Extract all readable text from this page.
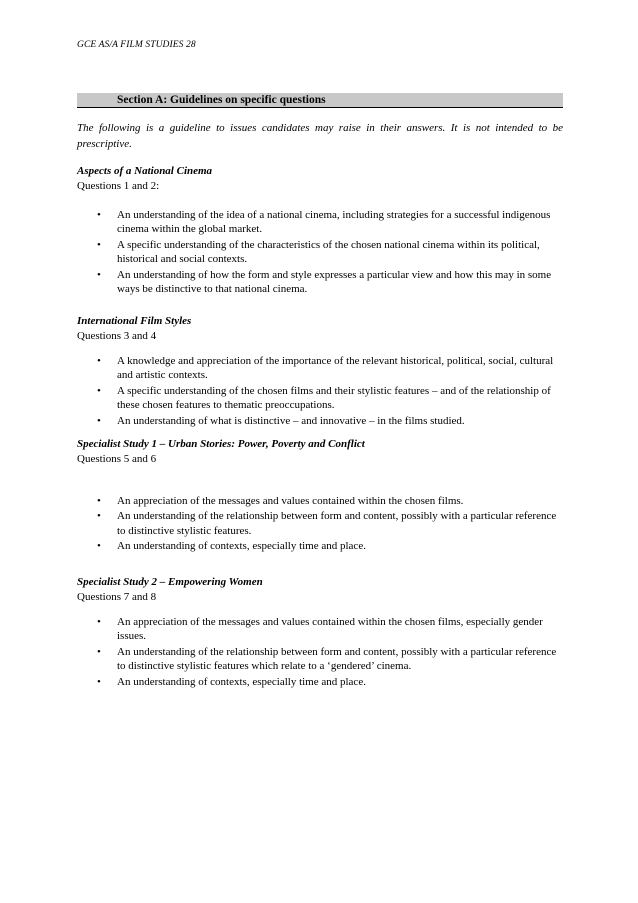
GCE AS/A FILM STUDIES 28
Section A: Guidelines on specific questions
The following is a guideline to issues candidates may raise in their answers. It is not intended to be prescriptive.
Aspects of a National Cinema
Questions 1 and 2:
• An understanding of the idea of a national cinema, including strategies for a successful indigenous cinema within the global market.
• A specific understanding of the characteristics of the chosen national cinema within its political, historical and social contexts.
• An understanding of how the form and style expresses a particular view and how this may in some ways be distinctive to that national cinema.
International Film Styles
Questions 3 and 4
• A knowledge and appreciation of the importance of the relevant historical, political, social, cultural and artistic contexts.
• A specific understanding of the chosen films and their stylistic features – and of the relationship of these chosen features to thematic preoccupations.
• An understanding of what is distinctive – and innovative – in the films studied.
Specialist Study 1 – Urban Stories: Power, Poverty and Conflict
Questions 5 and 6
• An appreciation of the messages and values contained within the chosen films.
• An understanding of the relationship between form and content, possibly with a particular reference to distinctive stylistic features.
• An understanding of contexts, especially time and place.
Specialist Study 2 – Empowering Women
Questions 7 and 8
• An appreciation of the messages and values contained within the chosen films, especially gender issues.
• An understanding of the relationship between form and content, possibly with a particular reference to distinctive stylistic features which relate to a ‘gendered’ cinema.
• An understanding of contexts, especially time and place.
